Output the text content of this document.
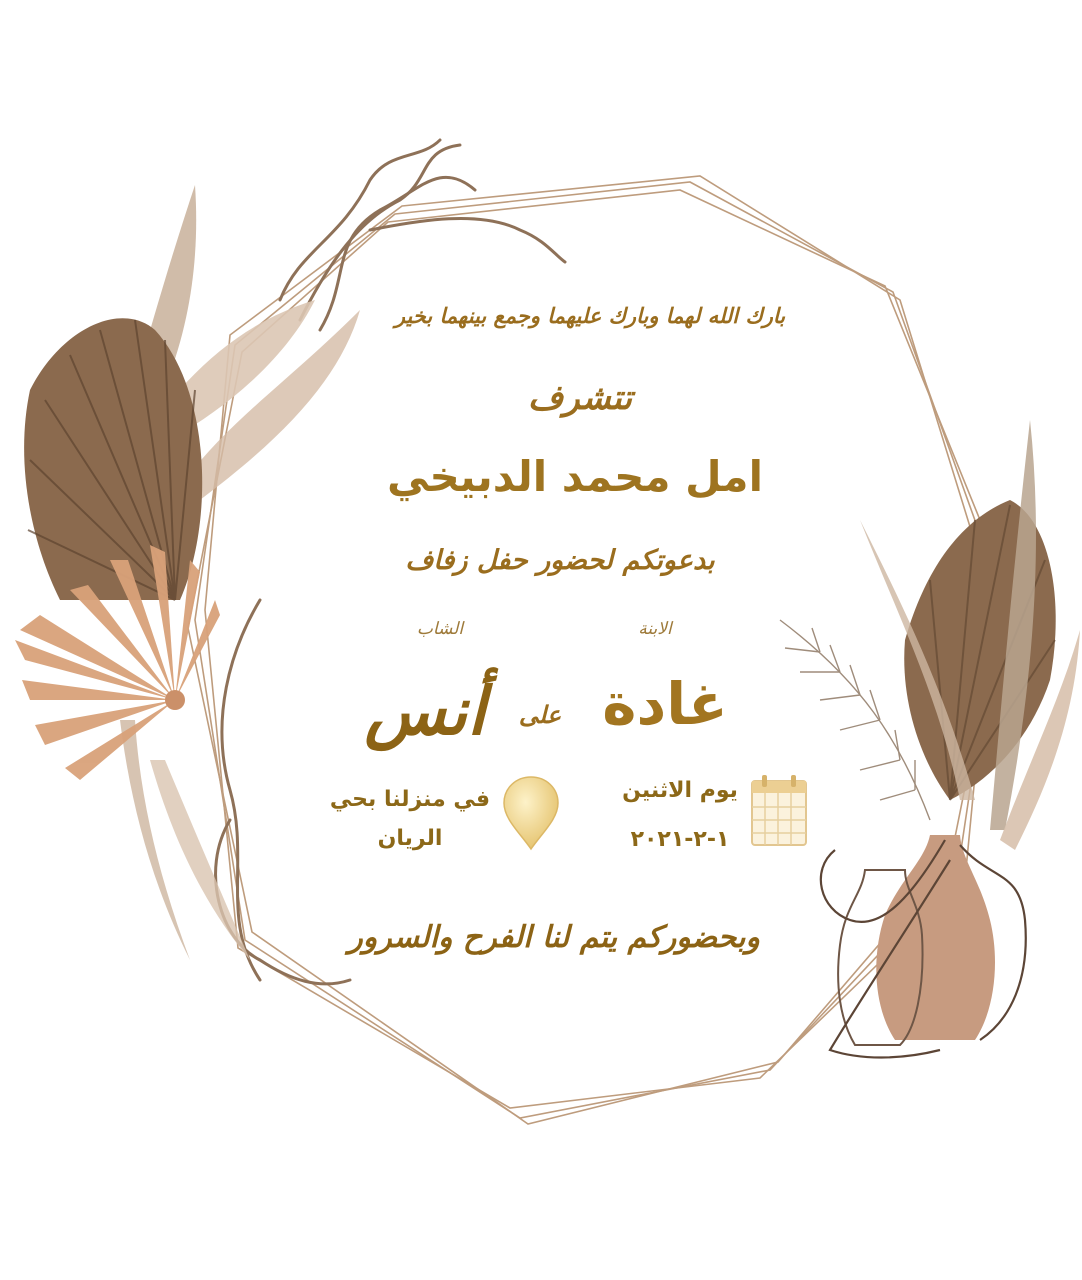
بارك الله لهما وبارك عليهما وجمع بينهما بخير
تتشرف
امل محمد الدبيخي
بدعوتكم لحضور حفل زفاف
الابنة
الشاب
غادة
على
أنس
يوم الاثنين
١-٢-٢٠٢١
في منزلنا بحي
الريان
وبحضوركم يتم لنا الفرح والسرور
